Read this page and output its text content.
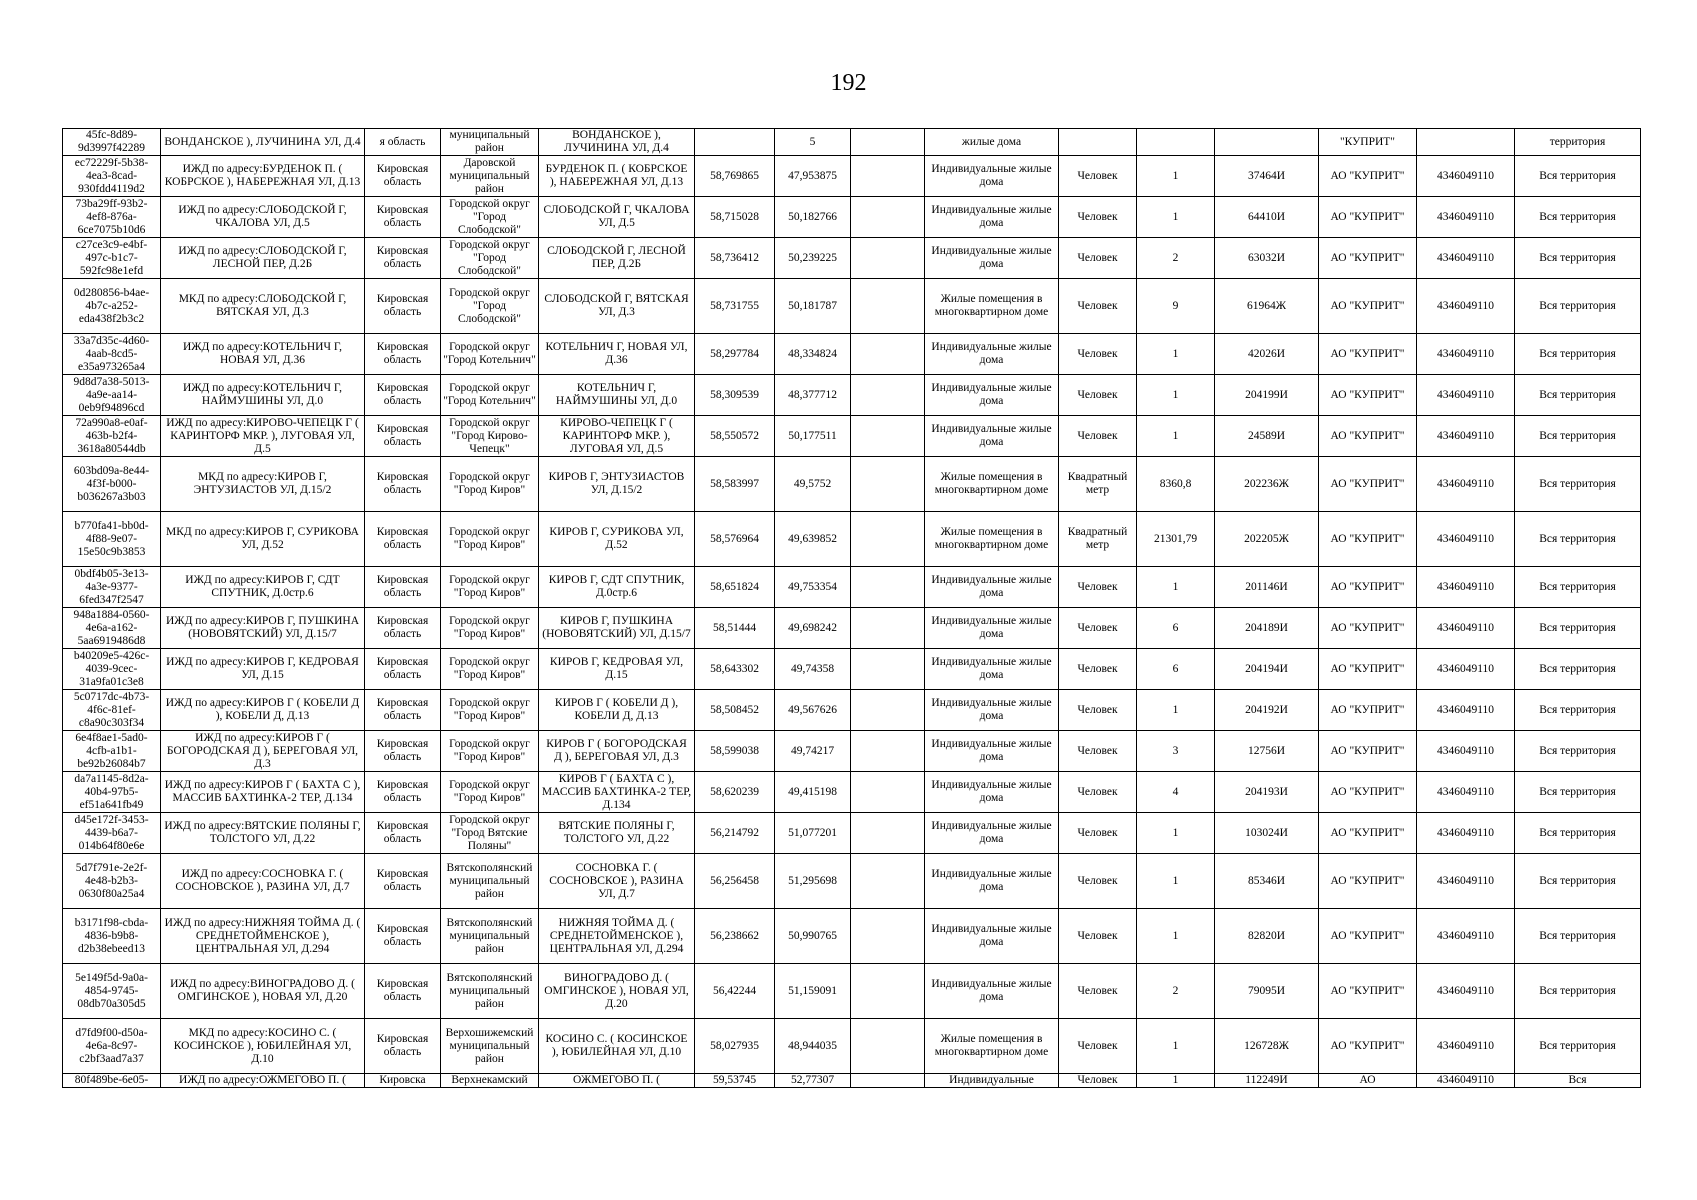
192
45fc-8d89-9d3997f42289	ВОНДАНСКОЕ ), ЛУЧИНИНА УЛ, Д.4	я область	муниципальный район	ВОНДАНСКОЕ ), ЛУЧИНИНА УЛ, Д.4		5		жилые дома				"КУПРИТ"		территория
ec72229f-5b38-4ea3-8cad-930fdd4119d2	ИЖД по адресу:БУРДЕНОК П. ( КОБРСКОЕ ), НАБЕРЕЖНАЯ УЛ, Д.13	Кировская область	Даровской муниципальный район	БУРДЕНОК П. ( КОБРСКОЕ ), НАБЕРЕЖНАЯ УЛ, Д.13	58,769865	47,953875		Индивидуальные жилые дома	Человек	1	37464И	АО "КУПРИТ"	4346049110	Вся территория
73ba29ff-93b2-4ef8-876a-6ce7075b10d6	ИЖД по адресу:СЛОБОДСКОЙ Г, ЧКАЛОВА УЛ, Д.5	Кировская область	Городской округ "Город Слободской"	СЛОБОДСКОЙ Г, ЧКАЛОВА УЛ, Д.5	58,715028	50,182766		Индивидуальные жилые дома	Человек	1	64410И	АО "КУПРИТ"	4346049110	Вся территория
c27ce3c9-e4bf-497c-b1c7-592fc98e1efd	ИЖД по адресу:СЛОБОДСКОЙ Г, ЛЕСНОЙ ПЕР, Д.2Б	Кировская область	Городской округ "Город Слободской"	СЛОБОДСКОЙ Г, ЛЕСНОЙ ПЕР, Д.2Б	58,736412	50,239225		Индивидуальные жилые дома	Человек	2	63032И	АО "КУПРИТ"	4346049110	Вся территория
0d280856-b4ae-4b7c-a252-eda438f2b3c2	МКД по адресу:СЛОБОДСКОЙ Г, ВЯТСКАЯ УЛ, Д.3	Кировская область	Городской округ "Город Слободской"	СЛОБОДСКОЙ Г, ВЯТСКАЯ УЛ, Д.3	58,731755	50,181787		Жилые помещения в многоквартирном доме	Человек	9	61964Ж	АО "КУПРИТ"	4346049110	Вся территория
33a7d35c-4d60-4aab-8cd5-e35a973265a4	ИЖД по адресу:КОТЕЛЬНИЧ Г, НОВАЯ УЛ, Д.36	Кировская область	Городской округ "Город Котельнич"	КОТЕЛЬНИЧ Г, НОВАЯ УЛ, Д.36	58,297784	48,334824		Индивидуальные жилые дома	Человек	1	42026И	АО "КУПРИТ"	4346049110	Вся территория
9d8d7a38-5013-4a9e-aa14-0eb9f94896cd	ИЖД по адресу:КОТЕЛЬНИЧ Г, НАЙМУШИНЫ УЛ, Д.0	Кировская область	Городской округ "Город Котельнич"	КОТЕЛЬНИЧ Г, НАЙМУШИНЫ УЛ, Д.0	58,309539	48,377712		Индивидуальные жилые дома	Человек	1	204199И	АО "КУПРИТ"	4346049110	Вся территория
72a990a8-e0af-463b-b2f4-3618a80544db	ИЖД по адресу:КИРОВО-ЧЕПЕЦК Г ( КАРИНТОРФ МКР. ), ЛУГОВАЯ УЛ, Д.5	Кировская область	Городской округ "Город Кирово-Чепецк"	КИРОВО-ЧЕПЕЦК Г ( КАРИНТОРФ МКР. ), ЛУГОВАЯ УЛ, Д.5	58,550572	50,177511		Индивидуальные жилые дома	Человек	1	24589И	АО "КУПРИТ"	4346049110	Вся территория
603bd09a-8e44-4f3f-b000-b036267a3b03	МКД по адресу:КИРОВ Г, ЭНТУЗИАСТОВ УЛ, Д.15/2	Кировская область	Городской округ "Город Киров"	КИРОВ Г, ЭНТУЗИАСТОВ УЛ, Д.15/2	58,583997	49,5752		Жилые помещения в многоквартирном доме	Квадратный метр	8360,8	202236Ж	АО "КУПРИТ"	4346049110	Вся территория
b770fa41-bb0d-4f88-9e07-15e50c9b3853	МКД по адресу:КИРОВ Г, СУРИКОВА УЛ, Д.52	Кировская область	Городской округ "Город Киров"	КИРОВ Г, СУРИКОВА УЛ, Д.52	58,576964	49,639852		Жилые помещения в многоквартирном доме	Квадратный метр	21301,79	202205Ж	АО "КУПРИТ"	4346049110	Вся территория
0bdf4b05-3e13-4a3e-9377-6fed347f2547	ИЖД по адресу:КИРОВ Г, СДТ СПУТНИК, Д.0стр.6	Кировская область	Городской округ "Город Киров"	КИРОВ Г, СДТ СПУТНИК, Д.0стр.6	58,651824	49,753354		Индивидуальные жилые дома	Человек	1	201146И	АО "КУПРИТ"	4346049110	Вся территория
948a1884-0560-4e6a-a162-5aa6919486d8	ИЖД по адресу:КИРОВ Г, ПУШКИНА (НОВОВЯТСКИЙ) УЛ, Д.15/7	Кировская область	Городской округ "Город Киров"	КИРОВ Г, ПУШКИНА (НОВОВЯТСКИЙ) УЛ, Д.15/7	58,51444	49,698242		Индивидуальные жилые дома	Человек	6	204189И	АО "КУПРИТ"	4346049110	Вся территория
b40209e5-426c-4039-9cec-31a9fa01c3e8	ИЖД по адресу:КИРОВ Г, КЕДРОВАЯ УЛ, Д.15	Кировская область	Городской округ "Город Киров"	КИРОВ Г, КЕДРОВАЯ УЛ, Д.15	58,643302	49,74358		Индивидуальные жилые дома	Человек	6	204194И	АО "КУПРИТ"	4346049110	Вся территория
5c0717dc-4b73-4f6c-81ef-c8a90c303f34	ИЖД по адресу:КИРОВ Г ( КОБЕЛИ Д ), КОБЕЛИ Д, Д.13	Кировская область	Городской округ "Город Киров"	КИРОВ Г ( КОБЕЛИ Д ), КОБЕЛИ Д, Д.13	58,508452	49,567626		Индивидуальные жилые дома	Человек	1	204192И	АО "КУПРИТ"	4346049110	Вся территория
6e4f8ae1-5ad0-4cfb-a1b1-be92b26084b7	ИЖД по адресу:КИРОВ Г ( БОГОРОДСКАЯ Д ), БЕРЕГОВАЯ УЛ, Д.3	Кировская область	Городской округ "Город Киров"	КИРОВ Г ( БОГОРОДСКАЯ Д ), БЕРЕГОВАЯ УЛ, Д.3	58,599038	49,74217		Индивидуальные жилые дома	Человек	3	12756И	АО "КУПРИТ"	4346049110	Вся территория
da7a1145-8d2a-40b4-97b5-ef51a641fb49	ИЖД по адресу:КИРОВ Г ( БАХТА С ), МАССИВ БАХТИНКА-2 ТЕР, Д.134	Кировская область	Городской округ "Город Киров"	КИРОВ Г ( БАХТА С ), МАССИВ БАХТИНКА-2 ТЕР, Д.134	58,620239	49,415198		Индивидуальные жилые дома	Человек	4	204193И	АО "КУПРИТ"	4346049110	Вся территория
d45e172f-3453-4439-b6a7-014b64f80e6e	ИЖД по адресу:ВЯТСКИЕ ПОЛЯНЫ Г, ТОЛСТОГО УЛ, Д.22	Кировская область	Городской округ "Город Вятские Поляны"	ВЯТСКИЕ ПОЛЯНЫ Г, ТОЛСТОГО УЛ, Д.22	56,214792	51,077201		Индивидуальные жилые дома	Человек	1	103024И	АО "КУПРИТ"	4346049110	Вся территория
5d7f791e-2e2f-4e48-b2b3-0630f80a25a4	ИЖД по адресу:СОСНОВКА Г. ( СОСНОВСКОЕ ), РАЗИНА УЛ, Д.7	Кировская область	Вятскополянский муниципальный район	СОСНОВКА Г. ( СОСНОВСКОЕ ), РАЗИНА УЛ, Д.7	56,256458	51,295698		Индивидуальные жилые дома	Человек	1	85346И	АО "КУПРИТ"	4346049110	Вся территория
b3171f98-cbda-4836-b9b8-d2b38ebeed13	ИЖД по адресу:НИЖНЯЯ ТОЙМА Д. ( СРЕДНЕТОЙМЕНСКОЕ ), ЦЕНТРАЛЬНАЯ УЛ, Д.294	Кировская область	Вятскополянский муниципальный район	НИЖНЯЯ ТОЙМА Д. ( СРЕДНЕТОЙМЕНСКОЕ ), ЦЕНТРАЛЬНАЯ УЛ, Д.294	56,238662	50,990765		Индивидуальные жилые дома	Человек	1	82820И	АО "КУПРИТ"	4346049110	Вся территория
5e149f5d-9a0a-4854-9745-08db70a305d5	ИЖД по адресу:ВИНОГРАДОВО Д. ( ОМГИНСКОЕ ), НОВАЯ УЛ, Д.20	Кировская область	Вятскополянский муниципальный район	ВИНОГРАДОВО Д. ( ОМГИНСКОЕ ), НОВАЯ УЛ, Д.20	56,42244	51,159091		Индивидуальные жилые дома	Человек	2	79095И	АО "КУПРИТ"	4346049110	Вся территория
d7fd9f00-d50a-4e6a-8c97-c2bf3aad7a37	МКД по адресу:КОСИНО С. ( КОСИНСКОЕ ), ЮБИЛЕЙНАЯ УЛ, Д.10	Кировская область	Верхошижемский муниципальный район	КОСИНО С. ( КОСИНСКОЕ ), ЮБИЛЕЙНАЯ УЛ, Д.10	58,027935	48,944035		Жилые помещения в многоквартирном доме	Человек	1	126728Ж	АО "КУПРИТ"	4346049110	Вся территория
80f489be-6e05-	ИЖД по адресу:ОЖМЕГОВО П. (	Кировска	Верхнекамский	ОЖМЕГОВО П. (	59,53745	52,77307		Индивидуальные	Человек	1	112249И	АО	4346049110	Вся
